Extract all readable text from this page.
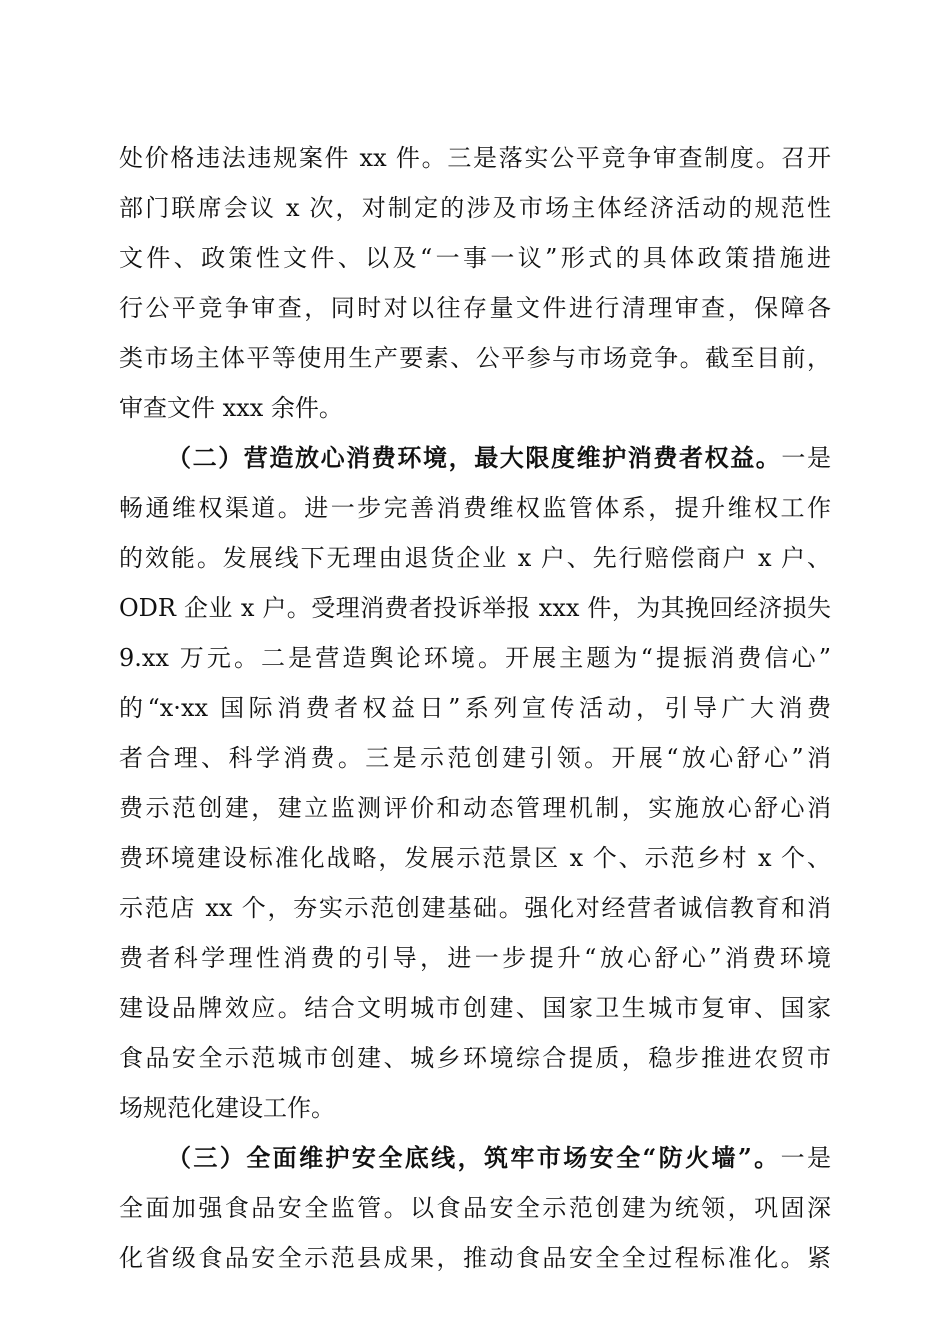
处价格违法违规案件 xx 件。三是落实公平竞争审查制度。召开
部门联席会议 x 次，对制定的涉及市场主体经济活动的规范性
文件、政策性文件、以及“一事一议”形式的具体政策措施进
行公平竞争审查，同时对以往存量文件进行清理审查，保障各
类市场主体平等使用生产要素、公平参与市场竞争。截至目前，
审查文件 xxx 余件。
（二）营造放心消费环境，最大限度维护消费者权益。一是
畅通维权渠道。进一步完善消费维权监管体系，提升维权工作
的效能。发展线下无理由退货企业 x 户、先行赔偿商户 x 户、
ODR 企业 x 户。受理消费者投诉举报 xxx 件，为其挽回经济损失
9.xx 万元。二是营造舆论环境。开展主题为“提振消费信心”
的“x·xx 国际消费者权益日”系列宣传活动，引导广大消费
者合理、科学消费。三是示范创建引领。开展“放心舒心”消
费示范创建，建立监测评价和动态管理机制，实施放心舒心消
费环境建设标准化战略，发展示范景区 x 个、示范乡村 x 个、
示范店 xx 个，夯实示范创建基础。强化对经营者诚信教育和消
费者科学理性消费的引导，进一步提升“放心舒心”消费环境
建设品牌效应。结合文明城市创建、国家卫生城市复审、国家
食品安全示范城市创建、城乡环境综合提质，稳步推进农贸市
场规范化建设工作。
（三）全面维护安全底线，筑牢市场安全“防火墙”。一是
全面加强食品安全监管。以食品安全示范创建为统领，巩固深
化省级食品安全示范县成果，推动食品安全全过程标准化。紧
